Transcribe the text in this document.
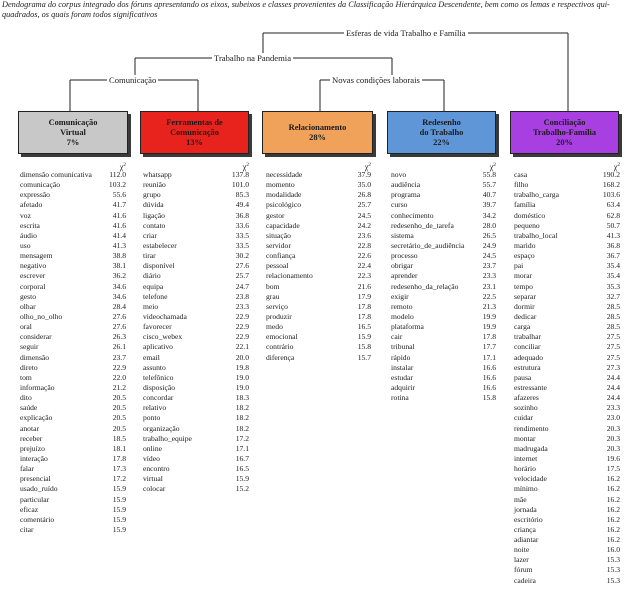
Dendograma do corpus integrado dos fóruns apresentando os eixos, subeixos e classes provenientes da Classificação Hierárquica Descendente, bem como os lemas e respectivos qui-quadrados, os quais foram todos significativos
Esferas de vida Trabalho e Família
Trabalho na Pandemia
Comunicação	Novas condições laborais
Comunicação
Virtual
7%
Ferramentas de
Comunicação
13%
Relacionamento
28%
Redesenho
do Trabalho
22%
Conciliação
Trabalho-Família
20%
$\chi^2$
dimensão comunicativa 112.0
comunicação	103.2
expressão	55.6
afetado	41.7
voz	41.6
escrita	41.6
áudio	41.4
uso	41.3
mensagem	38.8
negativo	38.1
escrever	36.2
corporal	34.6
gesto	34.6
olhar	28.4
olho_no_olho	27.6
oral	27.6
considerar	26.3
seguir	26.1
dimensão	23.7
direto	22.9
tom	22.0
informação	21.2
dito	20.5
saúde	20.5
explicação	20.5
anotar	20.5
receber	18.5
prejuízo	18.1
interação	17.8
falar	17.3
presencial	17.2
usado_ruído	15.9
particular	15.9
eficaz	15.9
comentário	15.9
citar	15.9
$\chi^2$
whatsapp	137.8
reunião	101.0
grupo	85.3
dúvida	49.4
ligação	36.8
contato	33.6
criar	33.5
estabelecer	33.5
tirar	30.2
disponível	27.6
diário	25.7
equipa	24.7
telefone	23.8
meio	23.3
videochamada	22.9
favorecer	22.9
cisco_webex	22.9
aplicativo	22.1
email	20.0
assunto	19.8
telefônico	19.0
disposição	19.0
concordar	18.3
relativo	18.2
ponto	18.2
organização	18.2
trabalho_equipe	17.2
online	17.1
vídeo	16.7
encontro	16.5
virtual	15.9
colocar	15.2
$\chi^2$
necessidade	37.9
momento	35.0
modalidade	26.8
psicológico	25.7
gestor	24.5
capacidade	24.2
situação	23.6
servidor	22.8
confiança	22.6
pessoal	22.4
relacionamento	22.3
bom	21.6
grau	17.9
serviço	17.8
produzir	17.8
medo	16.5
emocional	15.9
contrário	15.8
diferença	15.7
$\chi^2$
novo	55.8
audiência	55.7
programa	40.7
curso	39.7
conhecimento	34.2
redesenho_de_tarefa	28.0
sistema	26.5
secretário_de_audiência 24.9
processo	24.5
obrigar	23.7
aprender	23.3
redesenho_da_relação	23.1
exigir	22.5
remoto	21.3
modelo	19.9
plataforma	19.9
cair	17.8
tribunal	17.7
rápido	17.1
instalar	16.6
estudar	16.6
adquirir	16.6
rotina	15.8
$\chi^2$
casa	190.2
filho	168.2
trabalho_carga	103.6
família	63.4
doméstico	62.8
pequeno	50.7
trabalho_local	41.3
marido	36.8
espaço	36.7
pai	35.4
morar	35.4
tempo	35.3
separar	32.7
dormir	28.5
dedicar	28.5
carga	28.5
trabalhar	27.5
conciliar	27.5
adequado	27.5
estrutura	27.3
pausa	24.4
estressante	24.4
afazeres	24.4
sozinho	23.3
cuidar	23.0
rendimento	20.3
montar	20.3
madrugada	20.3
internet	19.6
horário	17.5
velocidade	16.2
mínimo	16.2
mãe	16.2
jornada	16.2
escritório	16.2
criança	16.2
adiantar	16.2
noite	16.0
lazer	15.3
fórum	15.3
cadeira	15.3
